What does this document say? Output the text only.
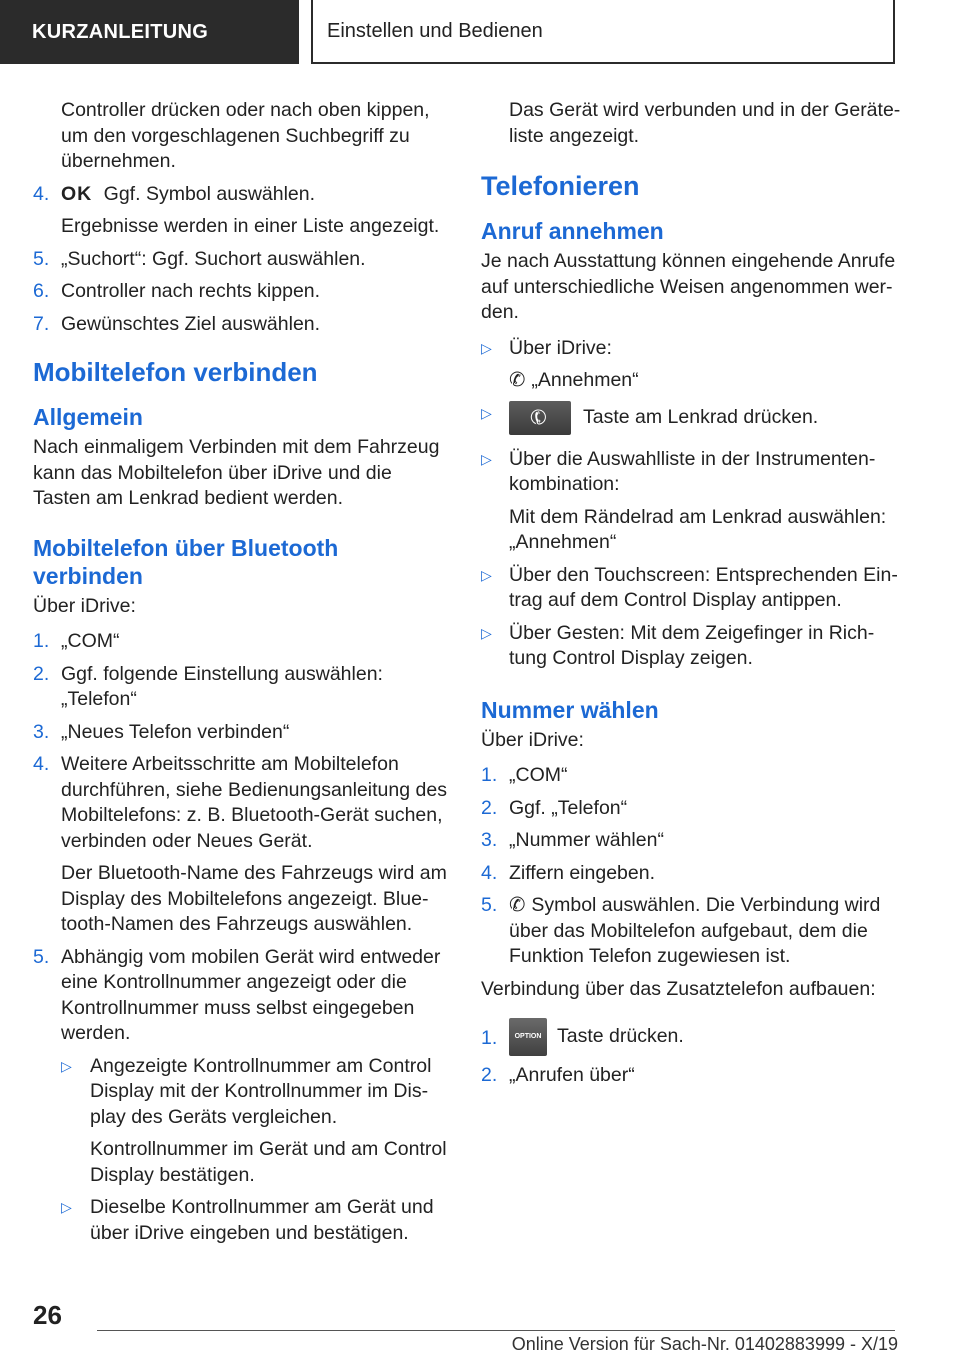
KURZANLEITUNG	Einstellen und Bedienen

Controller drücken oder nach oben kippen, um den vorgeschlagenen Suchbegriff zu übernehmen.

4. OK Ggf. Symbol auswählen.

Ergebnisse werden in einer Liste angezeigt.

5. „Suchort“: Ggf. Suchort auswählen.
6. Controller nach rechts kippen.
7. Gewünschtes Ziel auswählen.
Mobiltelefon verbinden
Allgemein

Nach einmaligem Verbinden mit dem Fahrzeug kann das Mobiltelefon über iDrive und die Tasten am Lenkrad bedient werden.

Mobiltelefon über Bluetooth verbinden

Über iDrive:

1. „COM“
2. Ggf. folgende Einstellung auswählen: „Telefon“
3. „Neues Telefon verbinden“
4. Weitere Arbeitsschritte am Mobiltelefon durchführen, siehe Bedienungsanleitung des Mobiltelefons: z. B. Bluetooth-Gerät suchen, verbinden oder Neues Gerät.

Der Bluetooth-Name des Fahrzeugs wird am Display des Mobiltelefons angezeigt. Bluetooth-Namen des Fahrzeugs auswählen.

5. Abhängig vom mobilen Gerät wird entweder eine Kontrollnummer angezeigt oder die Kontrollnummer muss selbst eingegeben werden.
▷ Angezeigte Kontrollnummer am Control Display mit der Kontrollnummer im Display des Geräts vergleichen.

Kontrollnummer im Gerät und am Control Display bestätigen.

▷ Dieselbe Kontrollnummer am Gerät und über iDrive eingeben und bestätigen.

Das Gerät wird verbunden und in der Geräteliste angezeigt.

Telefonieren
Anruf annehmen

Je nach Ausstattung können eingehende Anrufe auf unterschiedliche Weisen angenommen werden.

▷ Über iDrive:

✆ „Annehmen“

▷ ✆ Taste am Lenkrad drücken.
▷ Über die Auswahlliste in der Instrumentenkombination:

Mit dem Rändelrad am Lenkrad auswählen: „Annehmen“

▷ Über den Touchscreen: Entsprechenden Eintrag auf dem Control Display antippen.
▷ Über Gesten: Mit dem Zeigefinger in Richtung Control Display zeigen.
Nummer wählen

Über iDrive:

1. „COM“
2. Ggf. „Telefon“
3. „Nummer wählen“
4. Ziffern eingeben.
5. ✆ Symbol auswählen. Die Verbindung wird über das Mobiltelefon aufgebaut, dem die Funktion Telefon zugewiesen ist.

Verbindung über das Zusatztelefon aufbauen:

1. OPTION Taste drücken.
2. „Anrufen über“
26
Online Version für Sach-Nr. 01402883999 - X/19
